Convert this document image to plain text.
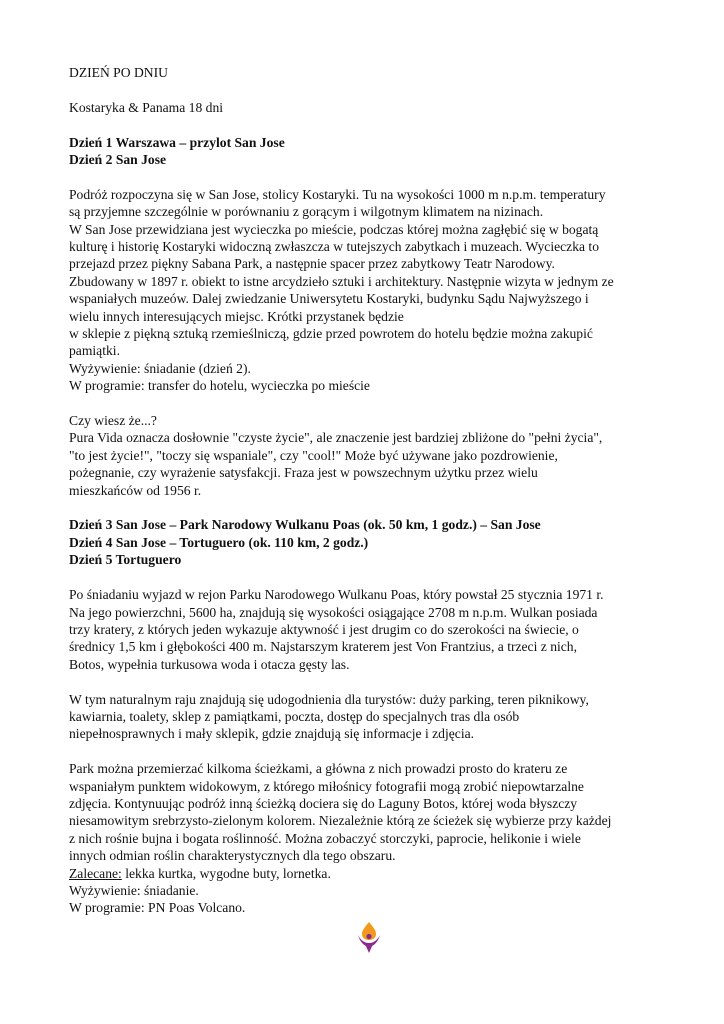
DZIEŃ PO DNIU

Kostaryka & Panama 18 dni

Dzień 1 Warszawa – przylot San Jose
Dzień 2 San Jose

Podróż rozpoczyna się w San Jose, stolicy Kostaryki. Tu na wysokości 1000 m n.p.m. temperatury
są przyjemne szczególnie w porównaniu z gorącym i wilgotnym klimatem na nizinach.
W San Jose przewidziana jest wycieczka po mieście, podczas której można zagłębić się w bogatą
kulturę i historię Kostaryki widoczną zwłaszcza w tutejszych zabytkach i muzeach. Wycieczka to
przejazd przez piękny Sabana Park, a następnie spacer przez zabytkowy Teatr Narodowy.
Zbudowany w 1897 r. obiekt to istne arcydzieło sztuki i architektury. Następnie wizyta w jednym ze
wspaniałych muzeów. Dalej zwiedzanie Uniwersytetu Kostaryki, budynku Sądu Najwyższego i
wielu innych interesujących miejsc. Krótki przystanek będzie
w sklepie z piękną sztuką rzemieślniczą, gdzie przed powrotem do hotelu będzie można zakupić
pamiątki.
Wyżywienie: śniadanie (dzień 2).
W programie: transfer do hotelu, wycieczka po mieście

Czy wiesz że...?
Pura Vida oznacza dosłownie "czyste życie", ale znaczenie jest bardziej zbliżone do "pełni życia",
"to jest życie!", "toczy się wspaniale", czy "cool!" Może być używane jako pozdrowienie,
pożegnanie, czy wyrażenie satysfakcji. Fraza jest w powszechnym użytku przez wielu
mieszkańców od 1956 r.

Dzień 3 San Jose – Park Narodowy Wulkanu Poas (ok. 50 km, 1 godz.) – San Jose
Dzień 4 San Jose – Tortuguero (ok. 110 km, 2 godz.)
Dzień 5 Tortuguero

Po śniadaniu wyjazd w rejon Parku Narodowego Wulkanu Poas, który powstał 25 stycznia 1971 r.
Na jego powierzchni, 5600 ha, znajdują się wysokości osiągające 2708 m n.p.m. Wulkan posiada
trzy kratery, z których jeden wykazuje aktywność i jest drugim co do szerokości na świecie, o
średnicy 1,5 km i głębokości 400 m. Najstarszym kraterem jest Von Frantzius, a trzeci z nich,
Botos, wypełnia turkusowa woda i otacza gęsty las.

W tym naturalnym raju znajdują się udogodnienia dla turystów: duży parking, teren piknikowy,
kawiarnia, toalety, sklep z pamiątkami, poczta, dostęp do specjalnych tras dla osób
niepełnosprawnych i mały sklepik, gdzie znajdują się informacje i zdjęcia.

Park można przemierzać kilkoma ścieżkami, a główna z nich prowadzi prosto do krateru ze
wspaniałym punktem widokowym, z którego miłośnicy fotografii mogą zrobić niepowtarzalne
zdjęcia. Kontynuując podróż inną ścieżką dociera się do Laguny Botos, której woda błyszczy
niesamowitym srebrzysto-zielonym kolorem. Niezależnie którą ze ścieżek się wybierze przy każdej
z nich rośnie bujna i bogata roślinność. Można zobaczyć storczyki, paprocie, helikonie i wiele
innych odmian roślin charakterystycznych dla tego obszaru.
Zalecane: lekka kurtka, wygodne buty, lornetka.
Wyżywienie: śniadanie.
W programie: PN Poas Volcano.
